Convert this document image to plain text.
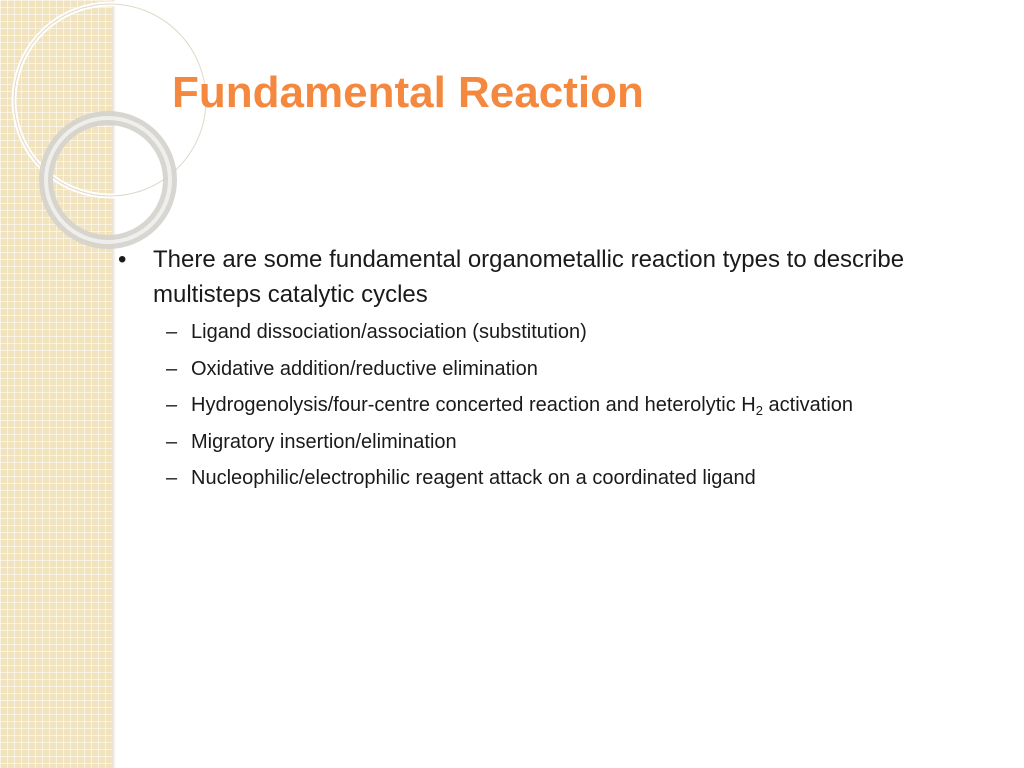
Fundamental Reaction
• There are some fundamental organometallic reaction types to describe multisteps catalytic cycles
– Ligand dissociation/association (substitution)
– Oxidative addition/reductive elimination
– Hydrogenolysis/four-centre concerted reaction and heterolytic $H_2$ activation
– Migratory insertion/elimination
– Nucleophilic/electrophilic reagent attack on a coordinated ligand
